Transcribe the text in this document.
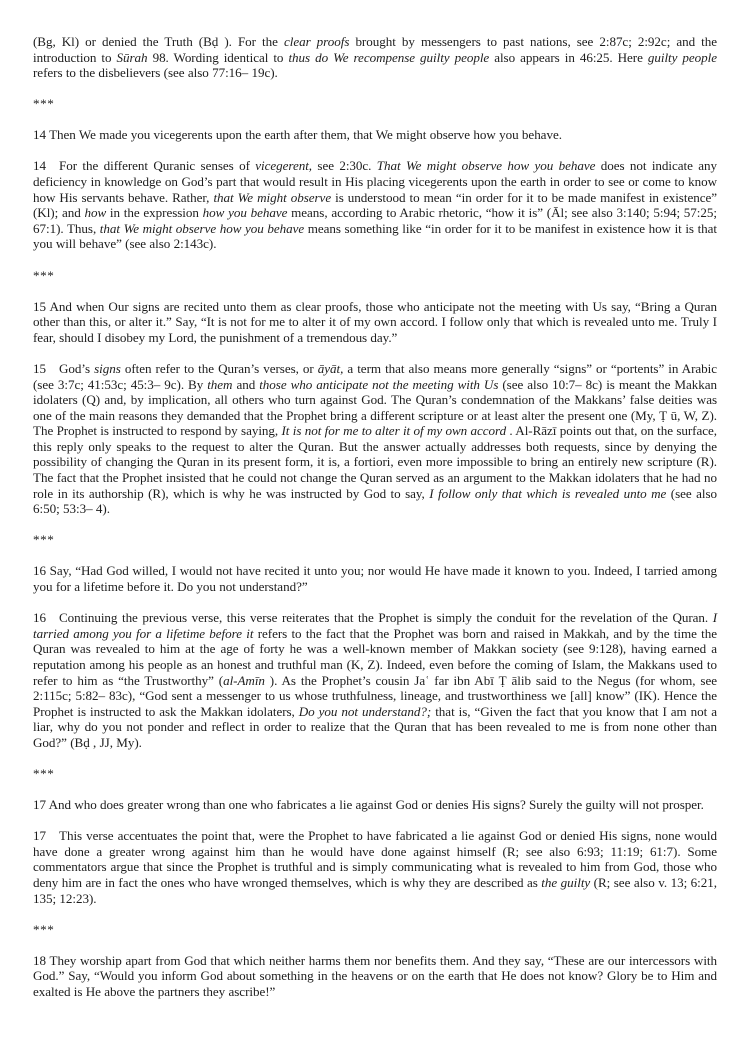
(Bg, Kl) or denied the Truth (Bḍ ). For the clear proofs brought by messengers to past nations, see 2:87c; 2:92c; and the introduction to Sūrah 98. Wording identical to thus do We recompense guilty people also appears in 46:25. Here guilty people refers to the disbelievers (see also 77:16– 19c).

***

14 Then We made you vicegerents upon the earth after them, that We might observe how you behave.

14 For the different Quranic senses of vicegerent, see 2:30c. That We might observe how you behave does not indicate any deficiency in knowledge on God’s part that would result in His placing vicegerents upon the earth in order to see or come to know how His servants behave. Rather, that We might observe is understood to mean “in order for it to be made manifest in existence” (Kl); and how in the expression how you behave means, according to Arabic rhetoric, “how it is” (Āl; see also 3:140; 5:94; 57:25; 67:1). Thus, that We might observe how you behave means something like “in order for it to be manifest in existence how it is that you will behave” (see also 2:143c).

***

15 And when Our signs are recited unto them as clear proofs, those who anticipate not the meeting with Us say, “Bring a Quran other than this, or alter it.” Say, “It is not for me to alter it of my own accord. I follow only that which is revealed unto me. Truly I fear, should I disobey my Lord, the punishment of a tremendous day.”

15 God’s signs often refer to the Quran’s verses, or āyāt, a term that also means more generally “signs” or “portents” in Arabic (see 3:7c; 41:53c; 45:3– 9c). By them and those who anticipate not the meeting with Us (see also 10:7– 8c) is meant the Makkan idolaters (Q) and, by implication, all others who turn against God. The Quran’s condemnation of the Makkans’ false deities was one of the main reasons they demanded that the Prophet bring a different scripture or at least alter the present one (My, Ṭ ū, W, Z). The Prophet is instructed to respond by saying, It is not for me to alter it of my own accord . Al-Rāzī points out that, on the surface, this reply only speaks to the request to alter the Quran. But the answer actually addresses both requests, since by denying the possibility of changing the Quran in its present form, it is, a fortiori, even more impossible to bring an entirely new scripture (R). The fact that the Prophet insisted that he could not change the Quran served as an argument to the Makkan idolaters that he had no role in its authorship (R), which is why he was instructed by God to say, I follow only that which is revealed unto me (see also 6:50; 53:3– 4).

***

16 Say, “Had God willed, I would not have recited it unto you; nor would He have made it known to you. Indeed, I tarried among you for a lifetime before it. Do you not understand?”

16 Continuing the previous verse, this verse reiterates that the Prophet is simply the conduit for the revelation of the Quran. I tarried among you for a lifetime before it refers to the fact that the Prophet was born and raised in Makkah, and by the time the Quran was revealed to him at the age of forty he was a well-known member of Makkan society (see 9:128), having earned a reputation among his people as an honest and truthful man (K, Z). Indeed, even before the coming of Islam, the Makkans used to refer to him as “the Trustworthy” (al-Amīn ). As the Prophet’s cousin Jaʿ far ibn Abī Ṭ ālib said to the Negus (for whom, see 2:115c; 5:82– 83c), “God sent a messenger to us whose truthfulness, lineage, and trustworthiness we [all] know” (IK). Hence the Prophet is instructed to ask the Makkan idolaters, Do you not understand?; that is, “Given the fact that you know that I am not a liar, why do you not ponder and reflect in order to realize that the Quran that has been revealed to me is from none other than God?” (Bḍ , JJ, My).

***

17 And who does greater wrong than one who fabricates a lie against God or denies His signs? Surely the guilty will not prosper.

17 This verse accentuates the point that, were the Prophet to have fabricated a lie against God or denied His signs, none would have done a greater wrong against him than he would have done against himself (R; see also 6:93; 11:19; 61:7). Some commentators argue that since the Prophet is truthful and is simply communicating what is revealed to him from God, those who deny him are in fact the ones who have wronged themselves, which is why they are described as the guilty (R; see also v. 13; 6:21, 135; 12:23).

***

18 They worship apart from God that which neither harms them nor benefits them. And they say, “These are our intercessors with God.” Say, “Would you inform God about something in the heavens or on the earth that He does not know? Glory be to Him and exalted is He above the partners they ascribe!”
